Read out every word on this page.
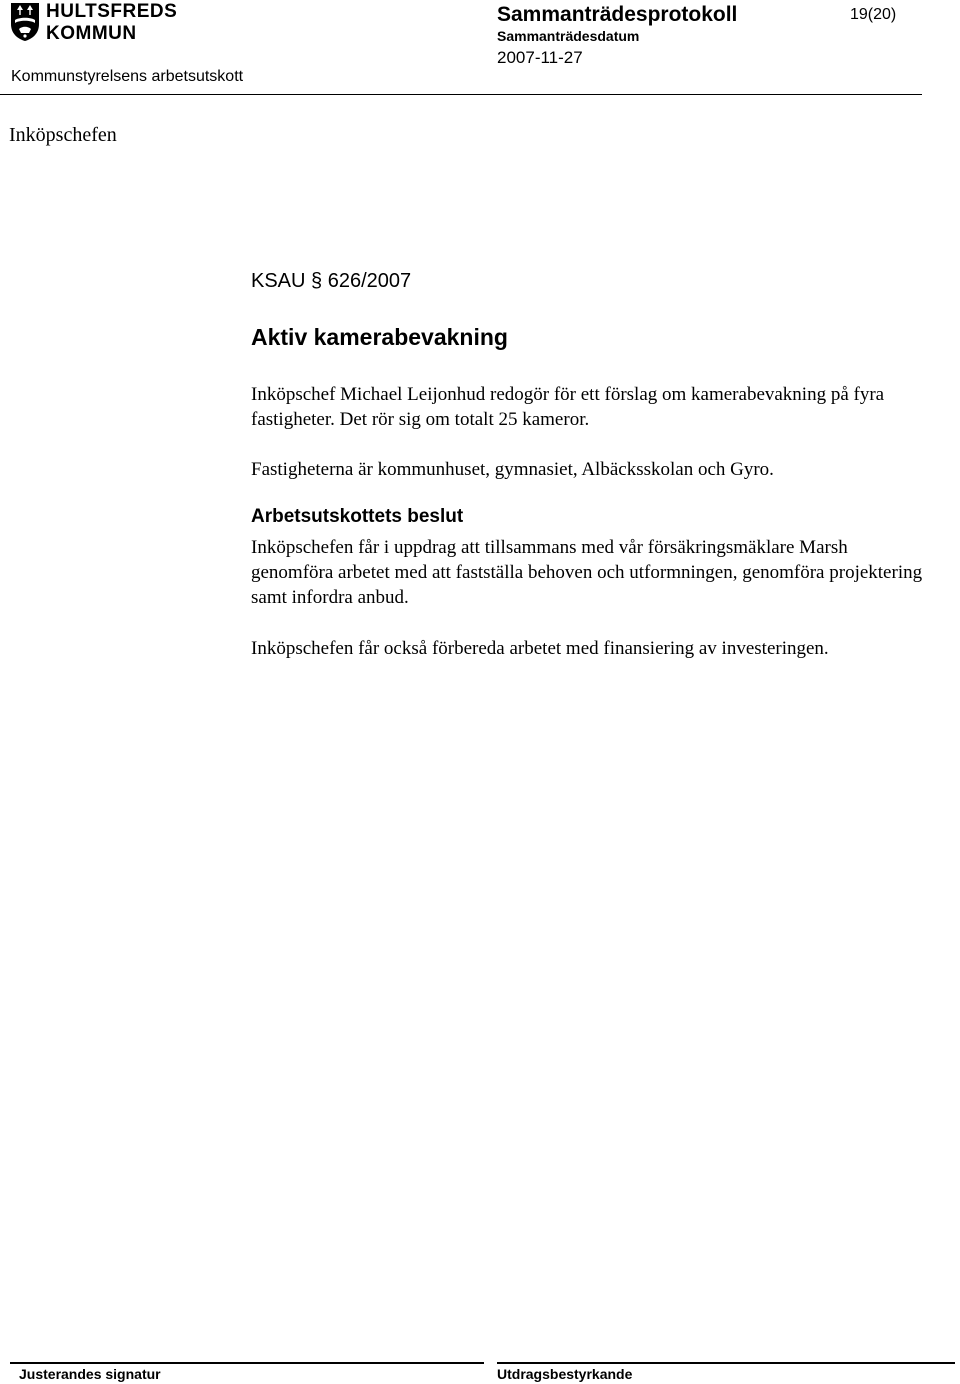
HULTSFREDS
KOMMUN
Kommunstyrelsens arbetsutskott
Sammanträdesprotokoll	19(20)
Sammanträdesdatum
2007-11-27
Inköpschefen
KSAU § 626/2007
Aktiv kamerabevakning
Inköpschef Michael Leijonhud redogör för ett förslag om kamerabevakning på fyra fastigheter. Det rör sig om totalt 25 kameror.
Fastigheterna är kommunhuset, gymnasiet, Albäcksskolan och Gyro.
Arbetsutskottets beslut
Inköpschefen får i uppdrag att tillsammans med vår försäkringsmäklare Marsh genomföra arbetet med att fastställa behoven och utformningen, genomföra projektering samt infordra anbud.
Inköpschefen får också förbereda arbetet med finansiering av investeringen.
Justerandes signatur	Utdragsbestyrkande
